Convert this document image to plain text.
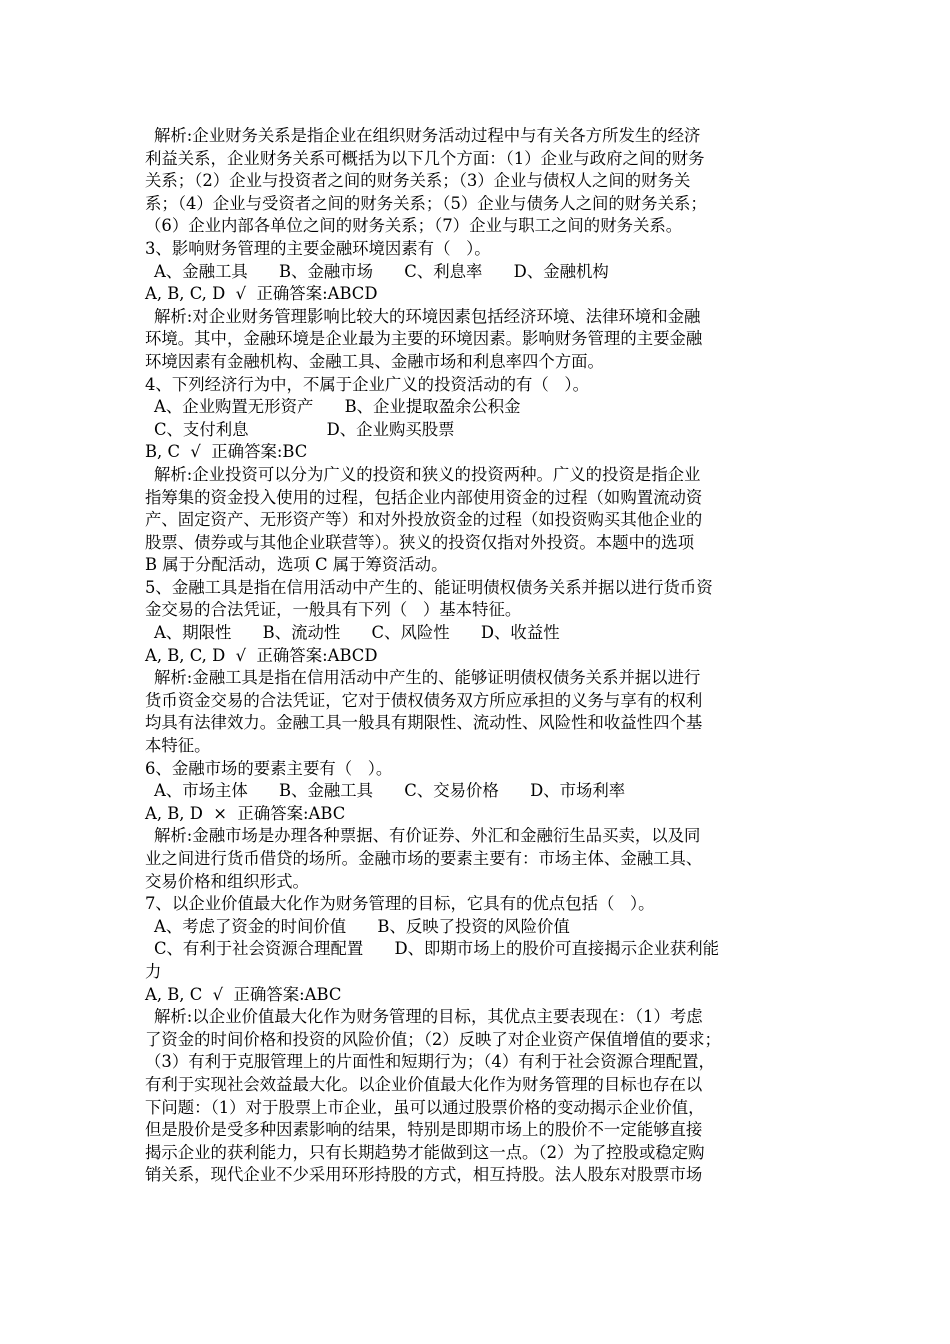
解析:企业财务关系是指企业在组织财务活动过程中与有关各方所发生的经济
利益关系，企业财务关系可概括为以下几个方面：（1）企业与政府之间的财务
关系；（2）企业与投资者之间的财务关系；（3）企业与债权人之间的财务关
系；（4）企业与受资者之间的财务关系；（5）企业与债务人之间的财务关系；
（6）企业内部各单位之间的财务关系；（7）企业与职工之间的财务关系。
3、影响财务管理的主要金融环境因素有（   ）。
A、金融工具      B、金融市场      C、利息率      D、金融机构
A, B, C, D  √  正确答案:ABCD
解析:对企业财务管理影响比较大的环境因素包括经济环境、法律环境和金融
环境。其中，金融环境是企业最为主要的环境因素。影响财务管理的主要金融
环境因素有金融机构、金融工具、金融市场和利息率四个方面。
4、下列经济行为中，不属于企业广义的投资活动的有（   ）。
A、企业购置无形资产      B、企业提取盈余公积金
C、支付利息               D、企业购买股票
B, C  √  正确答案:BC
解析:企业投资可以分为广义的投资和狭义的投资两种。广义的投资是指企业
指筹集的资金投入使用的过程，包括企业内部使用资金的过程（如购置流动资
产、固定资产、无形资产等）和对外投放资金的过程（如投资购买其他企业的
股票、债券或与其他企业联营等）。狭义的投资仅指对外投资。本题中的选项
B 属于分配活动，选项 C 属于筹资活动。
5、金融工具是指在信用活动中产生的、能证明债权债务关系并据以进行货币资
金交易的合法凭证，一般具有下列（   ）基本特征。
A、期限性      B、流动性      C、风险性      D、收益性
A, B, C, D  √  正确答案:ABCD
解析:金融工具是指在信用活动中产生的、能够证明债权债务关系并据以进行
货币资金交易的合法凭证，它对于债权债务双方所应承担的义务与享有的权利
均具有法律效力。金融工具一般具有期限性、流动性、风险性和收益性四个基
本特征。
6、金融市场的要素主要有（   ）。
A、市场主体      B、金融工具      C、交易价格      D、市场利率
A, B, D  ×  正确答案:ABC
解析:金融市场是办理各种票据、有价证券、外汇和金融衍生品买卖，以及同
业之间进行货币借贷的场所。金融市场的要素主要有：市场主体、金融工具、
交易价格和组织形式。
7、以企业价值最大化作为财务管理的目标，它具有的优点包括（   ）。
A、考虑了资金的时间价值      B、反映了投资的风险价值
C、有利于社会资源合理配置      D、即期市场上的股价可直接揭示企业获利能
力
A, B, C  √  正确答案:ABC
解析:以企业价值最大化作为财务管理的目标，其优点主要表现在：（1）考虑
了资金的时间价格和投资的风险价值；（2）反映了对企业资产保值增值的要求；
（3）有利于克服管理上的片面性和短期行为；（4）有利于社会资源合理配置，
有利于实现社会效益最大化。以企业价值最大化作为财务管理的目标也存在以
下问题：（1）对于股票上市企业，虽可以通过股票价格的变动揭示企业价值，
但是股价是受多种因素影响的结果，特别是即期市场上的股价不一定能够直接
揭示企业的获利能力，只有长期趋势才能做到这一点。（2）为了控股或稳定购
销关系，现代企业不少采用环形持股的方式，相互持股。法人股东对股票市场
